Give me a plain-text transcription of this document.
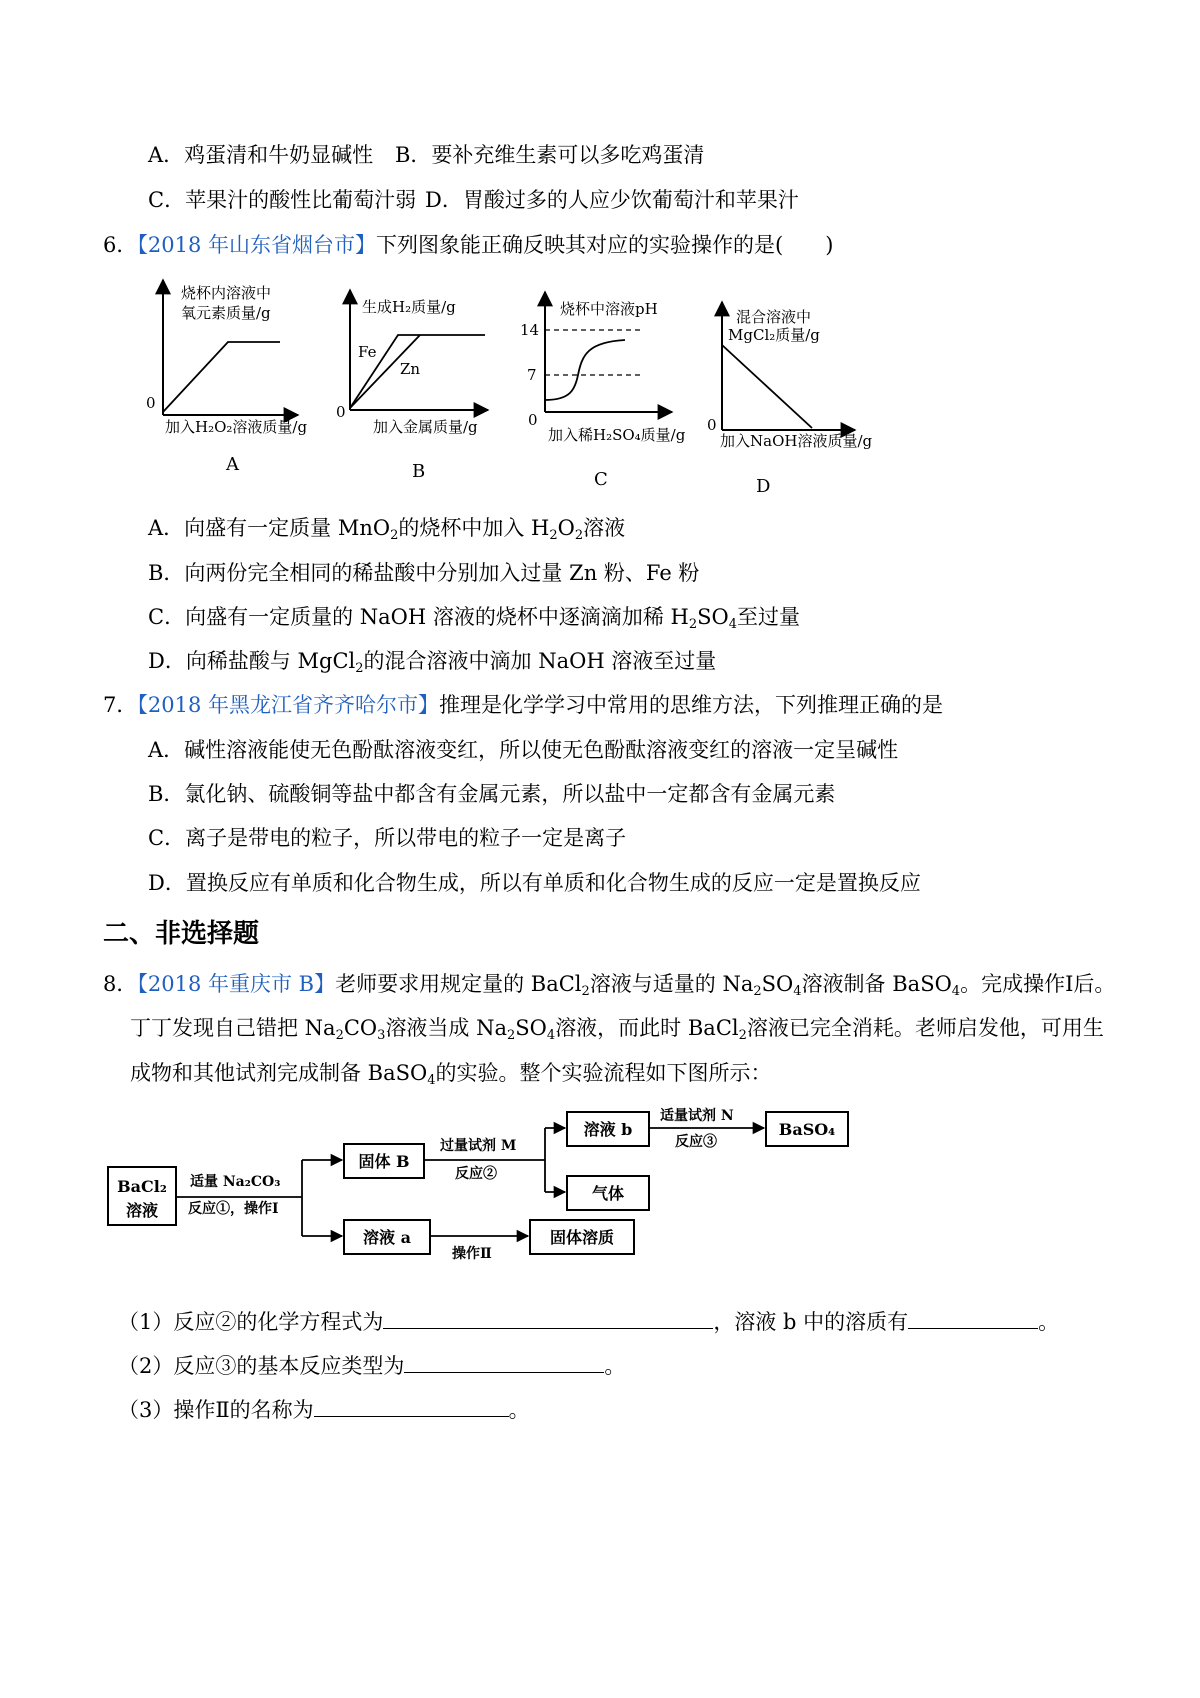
A．鸡蛋清和牛奶显碱性 B．要补充维生素可以多吃鸡蛋清
C．苹果汁的酸性比葡萄汁弱 D．胃酸过多的人应少饮葡萄汁和苹果汁
6．【2018 年山东省烟台市】下列图象能正确反映其对应的实验操作的是(　　)
烧杯内溶液中
氧元素质量/g
0
加入H₂O₂溶液质量/g
A
生成H₂质量/g
Fe
Zn
0
加入金属质量/g
B
烧杯中溶液pH
14
7
0
加入稀H₂SO₄质量/g
C
混合溶液中
MgCl₂质量/g
0
加入NaOH溶液质量/g
D
A．向盛有一定质量 MnO$_2$的烧杯中加入 $H_2O_2$溶液
B．向两份完全相同的稀盐酸中分别加入过量 Zn 粉、Fe 粉
C．向盛有一定质量的 NaOH 溶液的烧杯中逐滴滴加稀 $H_2SO_4$至过量
D．向稀盐酸与 MgCl$_2$的混合溶液中滴加 NaOH 溶液至过量
7．【2018 年黑龙江省齐齐哈尔市】推理是化学学习中常用的思维方法，下列推理正确的是
A．碱性溶液能使无色酚酞溶液变红，所以使无色酚酞溶液变红的溶液一定呈碱性
B．氯化钠、硫酸铜等盐中都含有金属元素，所以盐中一定都含有金属元素
C．离子是带电的粒子，所以带电的粒子一定是离子
D．置换反应有单质和化合物生成，所以有单质和化合物生成的反应一定是置换反应
二、非选择题
8．【2018 年重庆市 B】老师要求用规定量的 BaCl$_2$溶液与适量的 $Na_2SO_4$溶液制备 BaSO$_4$。完成操作Ⅰ后。
丁丁发现自己错把 $Na_2CO_3$溶液当成 $Na_2SO_4$溶液，而此时 BaCl$_2$溶液已完全消耗。老师启发他，可用生
成物和其他试剂完成制备 BaSO$_4$的实验。整个实验流程如下图所示：
BaCl₂
溶液
适量 Na₂CO₃
反应①，操作Ⅰ
固体 B
溶液 a
过量试剂 M
反应②
溶液 b
气体
适量试剂 N
反应③
BaSO₄
操作Ⅱ
固体溶质
（1）反应②的化学方程式为	，溶液 b 中的溶质有	。
（2）反应③的基本反应类型为	。
（3）操作Ⅱ的名称为	。
